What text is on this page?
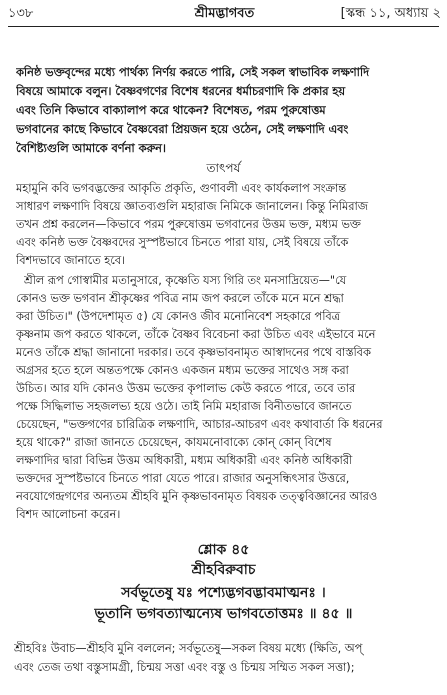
১৩৮	শ্রীমদ্ভাগবত	[স্কন্ধ ১১, অধ্যায় ২
কনিষ্ঠ ভক্তবৃন্দের মধ্যে পার্থক্য নির্ণয় করতে পারি, সেই সকল স্বাভাবিক লক্ষণাদি
বিষয়ে আমাকে বলুন। বৈষ্ণবগণের বিশেষ ধরনের ধর্মাচরণাদি কি প্রকার হয়
এবং তিনি কিভাবে বাক্যালাপ করে থাকেন? বিশেষত, পরম পুরুষোত্তম
ভগবানের কাছে কিভাবে বৈষ্ণবেরা প্রিয়জন হয়ে ওঠেন, সেই লক্ষণাদি এবং
বৈশিষ্ট্যগুলি আমাকে বর্ণনা করুন।
তাৎপর্য
মহামুনি কবি ভগবদ্ভক্তের আকৃতি প্রকৃতি, গুণাবলী এবং কার্যকলাপ সংক্রান্ত
সাধারণ লক্ষণাদি বিষয়ে জ্ঞাতব্যগুলি মহারাজ নিমিকে জানালেন। কিন্তু নিমিরাজ
তখন প্রশ্ন করলেন—কিভাবে পরম পুরুষোত্তম ভগবানের উত্তম ভক্ত, মধ্যম ভক্ত
এবং কনিষ্ঠ ভক্ত বৈষ্ণবদের সুস্পষ্টভাবে চিনতে পারা যায়, সেই বিষয়ে তাঁকে
বিশদভাবে জানাতে হবে।
শ্রীল রূপ গোস্বামীর মতানুসারে, কৃষ্ণেতি যস্য গিরি তং মনসাদ্রিয়েত—"যে
কোনও ভক্ত ভগবান শ্রীকৃষ্ণের পবিত্র নাম জপ করলে তাঁকে মনে মনে শ্রদ্ধা
করা উচিত।" (উপদেশামৃত ৫) যে কোনও জীব মনোনিবেশ সহকারে পবিত্র
কৃষ্ণনাম জপ করতে থাকলে, তাঁকে বৈষ্ণব বিবেচনা করা উচিত এবং এইভাবে মনে
মনেও তাঁকে শ্রদ্ধা জানানো দরকার। তবে কৃষ্ণভাবনামৃত আস্বাদনের পথে বাস্তবিক
অগ্রসর হতে হলে অন্ততপক্ষে কোনও একজন মধ্যম ভক্তের সাথেও সঙ্গ করা
উচিত। আর যদি কোনও উত্তম ভক্তের কৃপালাভ কেউ করতে পারে, তবে তার
পক্ষে সিদ্ধিলাভ সহজলভ্য হয়ে ওঠে। তাই নিমি মহারাজ বিনীতভাবে জানতে
চেয়েছেন, "ভক্তগণের চারিত্রিক লক্ষণাদি, আচার-আচরণ এবং কথাবার্তা কি ধরনের
হয়ে থাকে?" রাজা জানতে চেয়েছেন, কাযমনোবাক্যে কোন্ কোন্ বিশেষ
লক্ষণাদির দ্বারা বিভিন্ন উত্তম অধিকারী, মধ্যম অধিকারী এবং কনিষ্ঠ অধিকারী
ভক্তদের সুস্পষ্টভাবে চিনতে পারা যেতে পারে। রাজার অনুসন্ধিৎসার উত্তরে,
নবযোগেন্দ্রগণের অন্যতম শ্রীহবি মুনি কৃষ্ণভাবনামৃত বিষয়ক তত্ত্ববিজ্ঞানের আরও
বিশদ আলোচনা করেন।
শ্লোক ৪৫
শ্রীহবিরুবাচ
সর্বভূতেষু যঃ পশ্যেদ্ভগবদ্ভাবমাত্মনঃ ।
ভূতানি ভগবত্যাত্মন্যেষ ভাগবতোত্তমঃ ॥ ৪৫ ॥
শ্রীহবিঃ উবাচ—শ্রীহবি মুনি বললেন; সর্বভূতেষু—সকল বিষয় মধ্যে (ক্ষিতি, অপ্
এবং তেজ তথা বস্তুসামগ্রী, চিন্ময় সত্তা এবং বস্তু ও চিন্ময় সম্মিত সকল সত্তা);
